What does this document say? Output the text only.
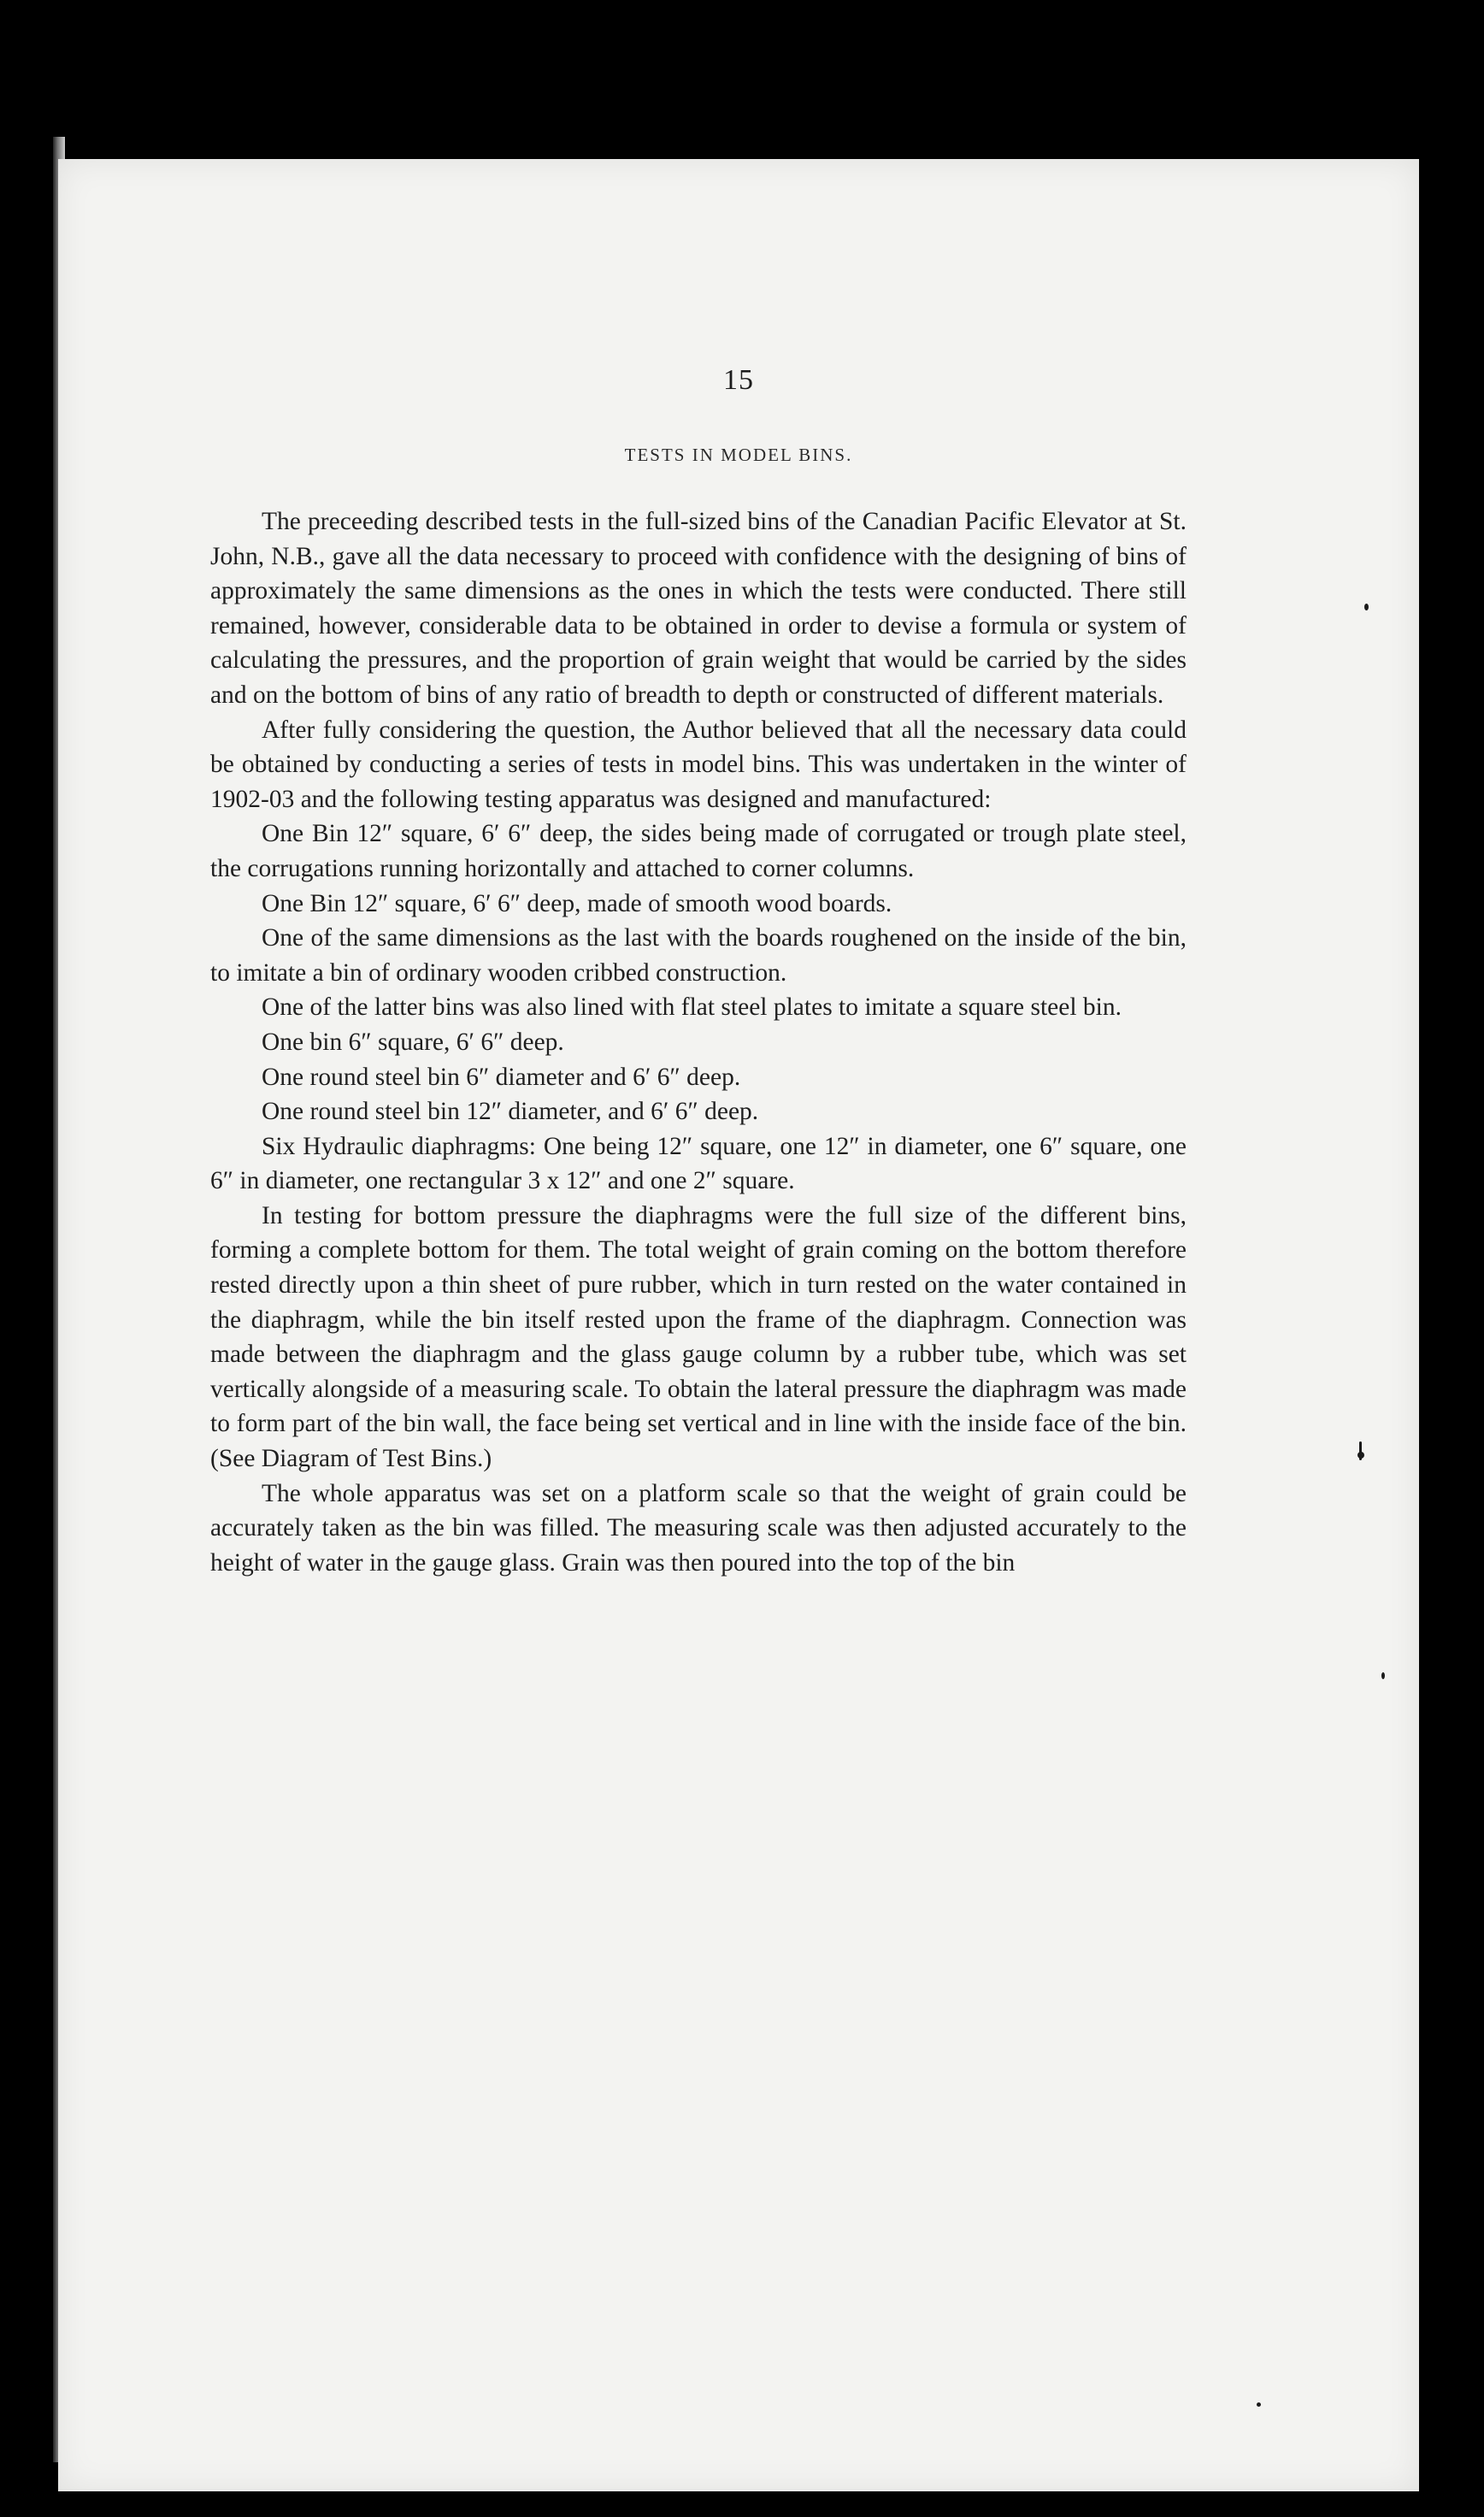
15
TESTS IN MODEL BINS.

The preceeding described tests in the full-sized bins of the Canadian Pacific Elevator at St. John, N.B., gave all the data necessary to proceed with confidence with the designing of bins of approximately the same dimensions as the ones in which the tests were conducted. There still remained, however, considerable data to be obtained in order to devise a formula or system of calculating the pressures, and the proportion of grain weight that would be carried by the sides and on the bottom of bins of any ratio of breadth to depth or constructed of different materials.

After fully considering the question, the Author believed that all the necessary data could be obtained by conducting a series of tests in model bins. This was undertaken in the winter of 1902-03 and the following testing apparatus was designed and manufactured:

One Bin 12″ square, 6′ 6″ deep, the sides being made of corrugated or trough plate steel, the corrugations running horizontally and attached to corner columns.

One Bin 12″ square, 6′ 6″ deep, made of smooth wood boards.

One of the same dimensions as the last with the boards roughened on the inside of the bin, to imitate a bin of ordinary wooden cribbed construction.

One of the latter bins was also lined with flat steel plates to imitate a square steel bin.

One bin 6″ square, 6′ 6″ deep.

One round steel bin 6″ diameter and 6′ 6″ deep.

One round steel bin 12″ diameter, and 6′ 6″ deep.

Six Hydraulic diaphragms: One being 12″ square, one 12″ in diameter, one 6″ square, one 6″ in diameter, one rectangular 3 x 12″ and one 2″ square.

In testing for bottom pressure the diaphragms were the full size of the different bins, forming a complete bottom for them. The total weight of grain coming on the bottom therefore rested directly upon a thin sheet of pure rubber, which in turn rested on the water contained in the diaphragm, while the bin itself rested upon the frame of the diaphragm. Connection was made between the diaphragm and the glass gauge column by a rubber tube, which was set vertically alongside of a measuring scale. To obtain the lateral pressure the diaphragm was made to form part of the bin wall, the face being set vertical and in line with the inside face of the bin. (See Diagram of Test Bins.)

The whole apparatus was set on a platform scale so that the weight of grain could be accurately taken as the bin was filled. The measuring scale was then adjusted accurately to the height of water in the gauge glass. Grain was then poured into the top of the bin
